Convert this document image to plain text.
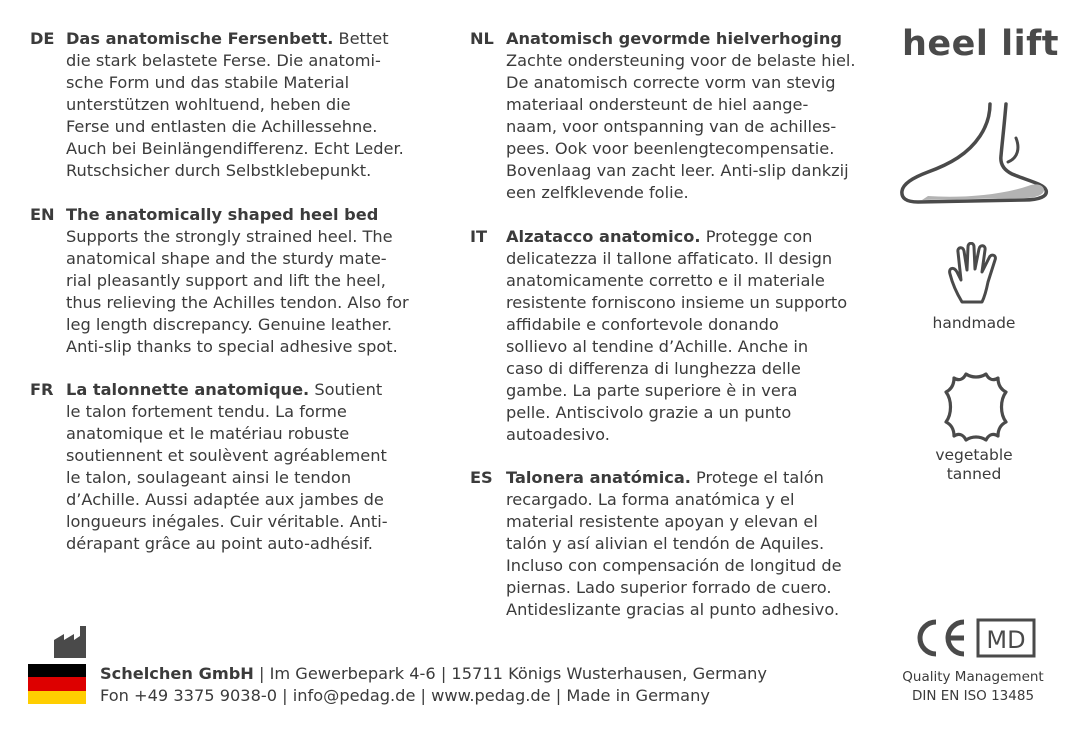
heel lift
DE Das anatomische Fersenbett. Bettet

die stark belastete Ferse. Die anatomi-

sche Form und das stabile Material

unterstützen wohltuend, heben die

Ferse und entlasten die Achillessehne.

Auch bei Beinlängendifferenz. Echt Leder.

Rutschsicher durch Selbstklebepunkt.

EN The anatomically shaped heel bed

Supports the strongly strained heel. The

anatomical shape and the sturdy mate-

rial pleasantly support and lift the heel,

thus relieving the Achilles tendon. Also for

leg length discrepancy. Genuine leather.

Anti-slip thanks to special adhesive spot.

FR La talonnette anatomique. Soutient

le talon fortement tendu. La forme

anatomique et le matériau robuste

soutiennent et soulèvent agréablement

le talon, soulageant ainsi le tendon

d’Achille. Aussi adaptée aux jambes de

longueurs inégales. Cuir véritable. Anti-

dérapant grâce au point auto-adhésif.

NL Anatomisch gevormde hielverhoging

Zachte ondersteuning voor de belaste hiel.

De anatomisch correcte vorm van stevig

materiaal ondersteunt de hiel aange-

naam, voor ontspanning van de achilles-

pees. Ook voor beenlengtecompensatie.

Bovenlaag van zacht leer. Anti-slip dankzij

een zelfklevende folie.

IT Alzatacco anatomico. Protegge con

delicatezza il tallone affaticato. Il design

anatomicamente corretto e il materiale

resistente forniscono insieme un supporto

affidabile e confortevole donando

sollievo al tendine d’Achille. Anche in

caso di differenza di lunghezza delle

gambe. La parte superiore è in vera

pelle. Antiscivolo grazie a un punto

autoadesivo.

ES Talonera anatómica. Protege el talón

recargado. La forma anatómica y el

material resistente apoyan y elevan el

talón y así alivian el tendón de Aquiles.

Incluso con compensación de longitud de

piernas. Lado superior forrado de cuero.

Antideslizante gracias al punto adhesivo.

handmade
vegetable
tanned
Schelchen GmbH | Im Gewerbepark 4-6 | 15711 Königs Wusterhausen, Germany
Fon +49 3375 9038-0 | info@pedag.de | www.pedag.de | Made in Germany
MD
Quality Management
DIN EN ISO 13485
